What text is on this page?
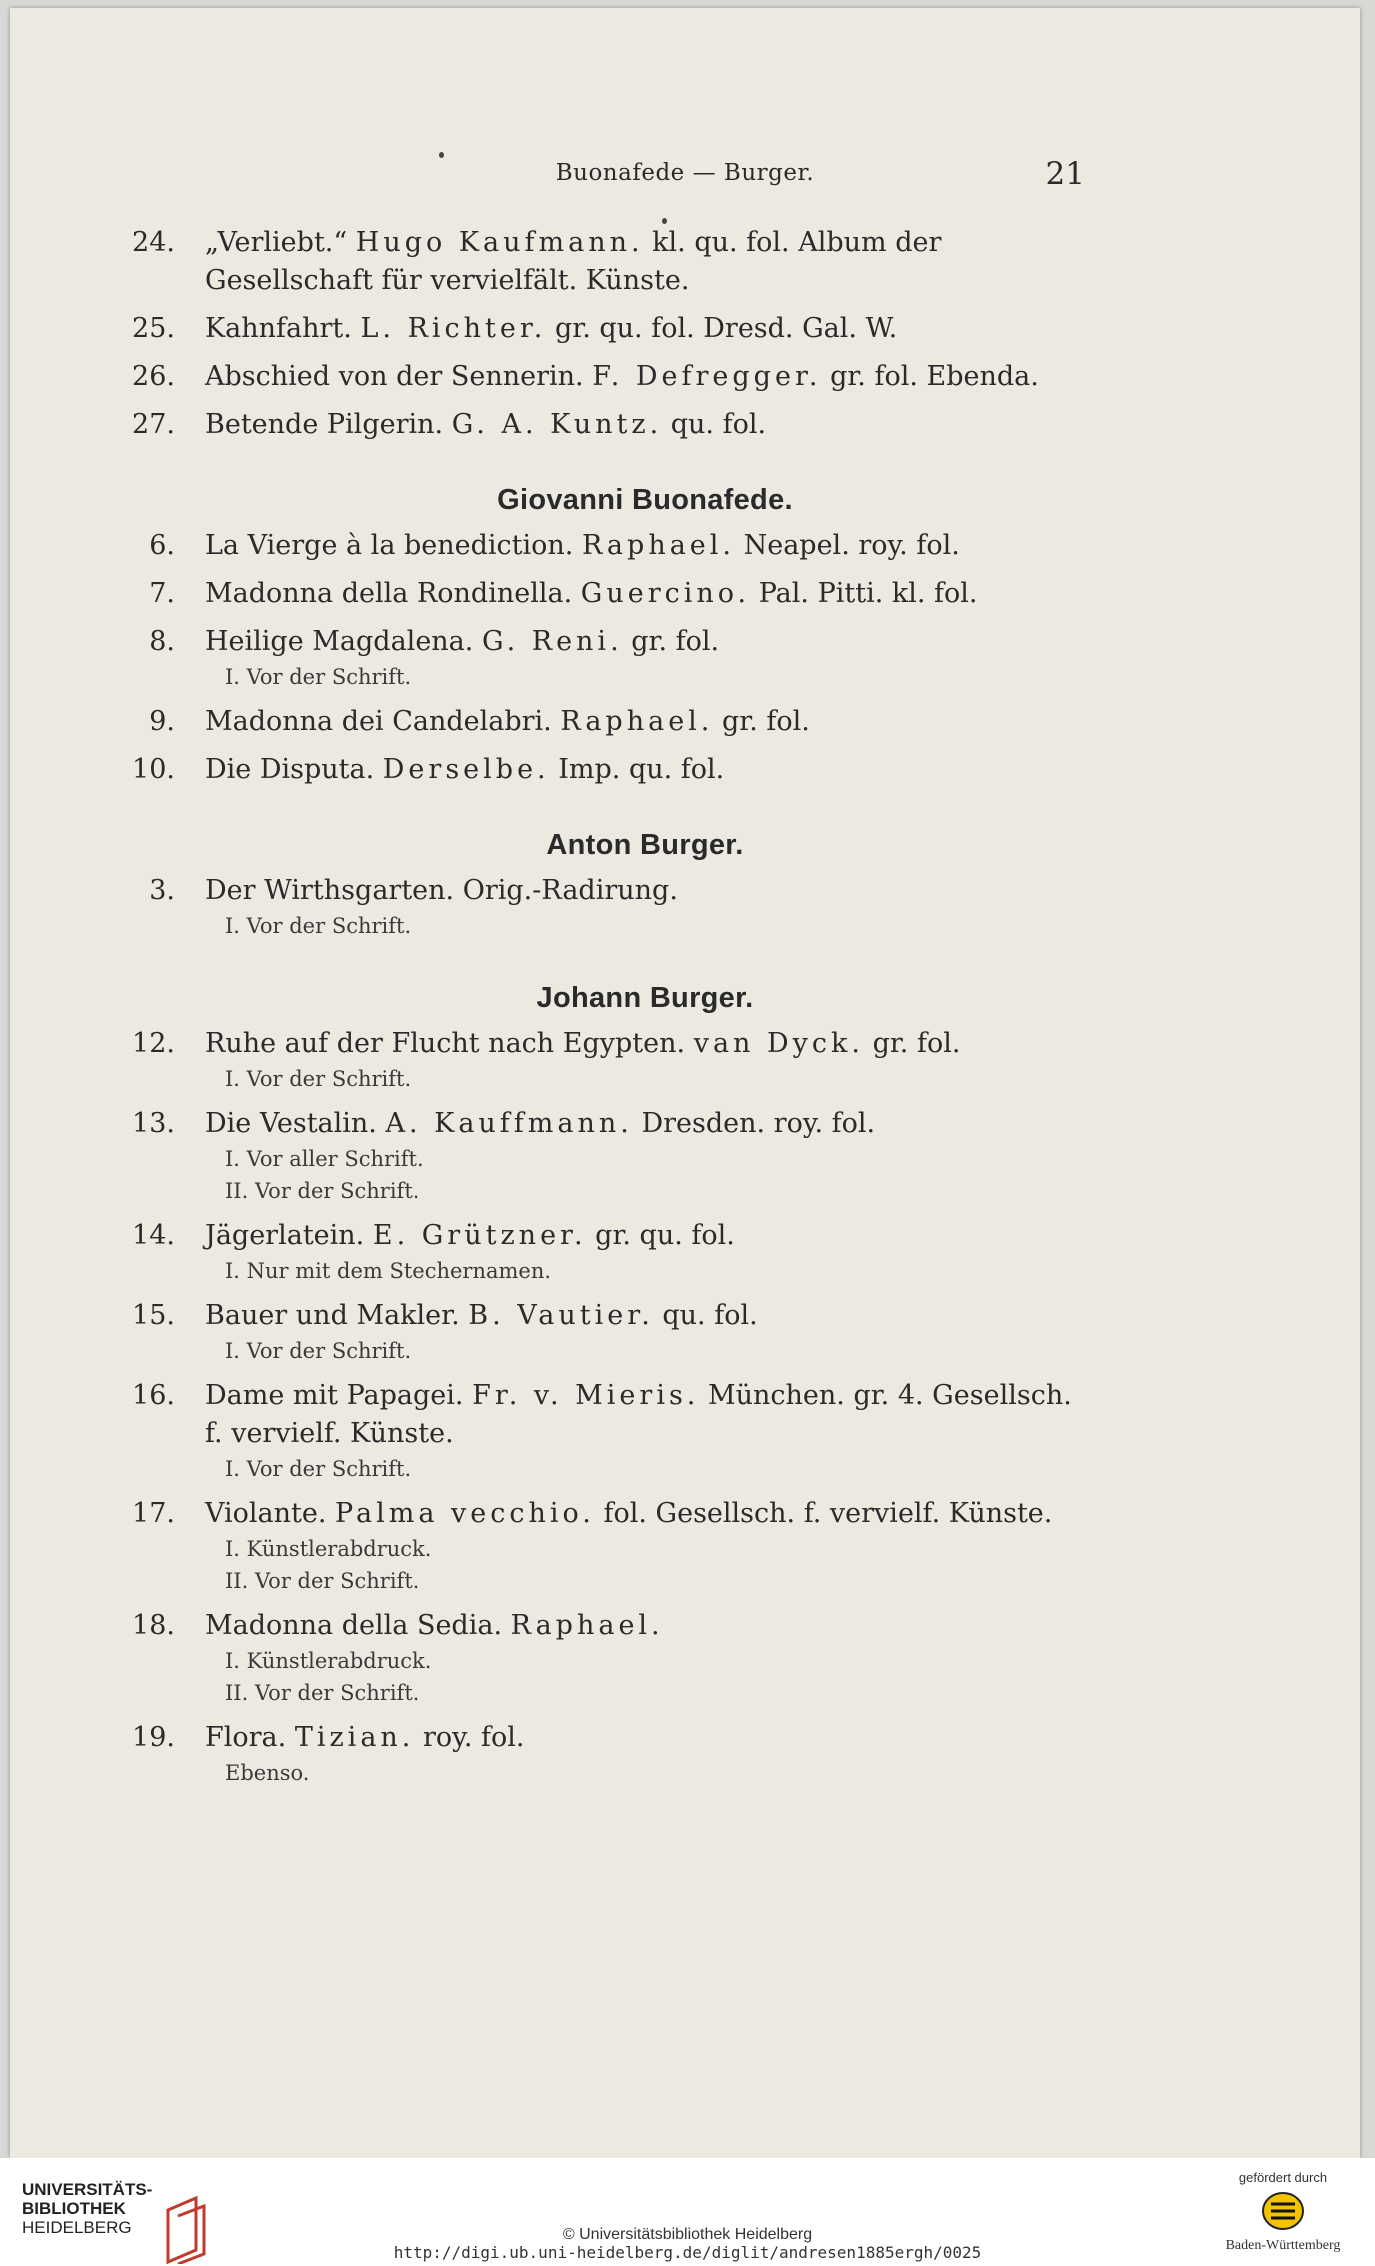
Buonafede — Burger.	21
24. „Verliebt.“ Hugo Kaufmann. kl. qu. fol. Album der Gesellschaft für vervielfält. Künste.
25. Kahnfahrt. L. Richter. gr. qu. fol. Dresd. Gal. W.
26. Abschied von der Sennerin. F. Defregger. gr. fol. Ebenda.
27. Betende Pilgerin. G. A. Kuntz. qu. fol.
Giovanni Buonafede.
6. La Vierge à la benediction. Raphael. Neapel. roy. fol.
7. Madonna della Rondinella. Guercino. Pal. Pitti. kl. fol.
8. Heilige Magdalena. G. Reni. gr. fol.
I. Vor der Schrift.
9. Madonna dei Candelabri. Raphael. gr. fol.
10. Die Disputa. Derselbe. Imp. qu. fol.
Anton Burger.
3. Der Wirthsgarten. Orig.-Radirung.
I. Vor der Schrift.
Johann Burger.
12. Ruhe auf der Flucht nach Egypten. van Dyck. gr. fol.
I. Vor der Schrift.
13. Die Vestalin. A. Kauffmann. Dresden. roy. fol.
I. Vor aller Schrift.
II. Vor der Schrift.
14. Jägerlatein. E. Grützner. gr. qu. fol.
I. Nur mit dem Stechernamen.
15. Bauer und Makler. B. Vautier. qu. fol.
I. Vor der Schrift.
16. Dame mit Papagei. Fr. v. Mieris. München. gr. 4. Gesellsch. f. vervielf. Künste.
I. Vor der Schrift.
17. Violante. Palma vecchio. fol. Gesellsch. f. vervielf. Künste.
I. Künstlerabdruck.
II. Vor der Schrift.
18. Madonna della Sedia. Raphael.
I. Künstlerabdruck.
II. Vor der Schrift.
19. Flora. Tizian. roy. fol.
Ebenso.
UNIVERSITÄTS-
BIBLIOTHEK
HEIDELBERG	© Universitätsbibliothek Heidelberg
http://digi.ub.uni-heidelberg.de/diglit/andresen1885ergh/0025
gefördert durch
Baden-Württemberg
